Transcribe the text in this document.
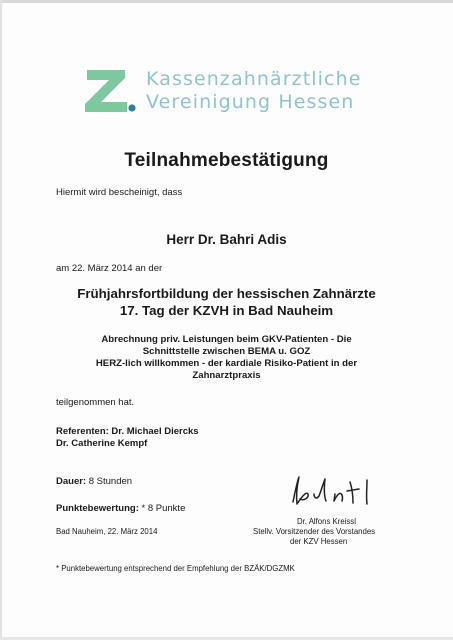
Kassenzahnärztliche
Vereinigung Hessen
Teilnahmebestätigung
Hiermit wird bescheinigt, dass
Herr Dr. Bahri Adis
am 22. März 2014 an der
Frühjahrsfortbildung der hessischen Zahnärzte
17. Tag der KZVH in Bad Nauheim
Abrechnung priv. Leistungen beim GKV-Patienten - Die
Schnittstelle zwischen BEMA u. GOZ
HERZ-lich willkommen - der kardiale Risiko-Patient in der
Zahnarztpraxis
teilgenommen hat.
Referenten: Dr. Michael Diercks
Dr. Catherine Kempf
Dauer: 8 Stunden
Punktebewertung: * 8 Punkte
Bad Nauheim, 22. März 2014
Dr. Alfons Kreissl
Stellv. Vorsitzender des Vorstandes
der KZV Hessen
* Punktebewertung entsprechend der Empfehlung der BZÄK/DGZMK
